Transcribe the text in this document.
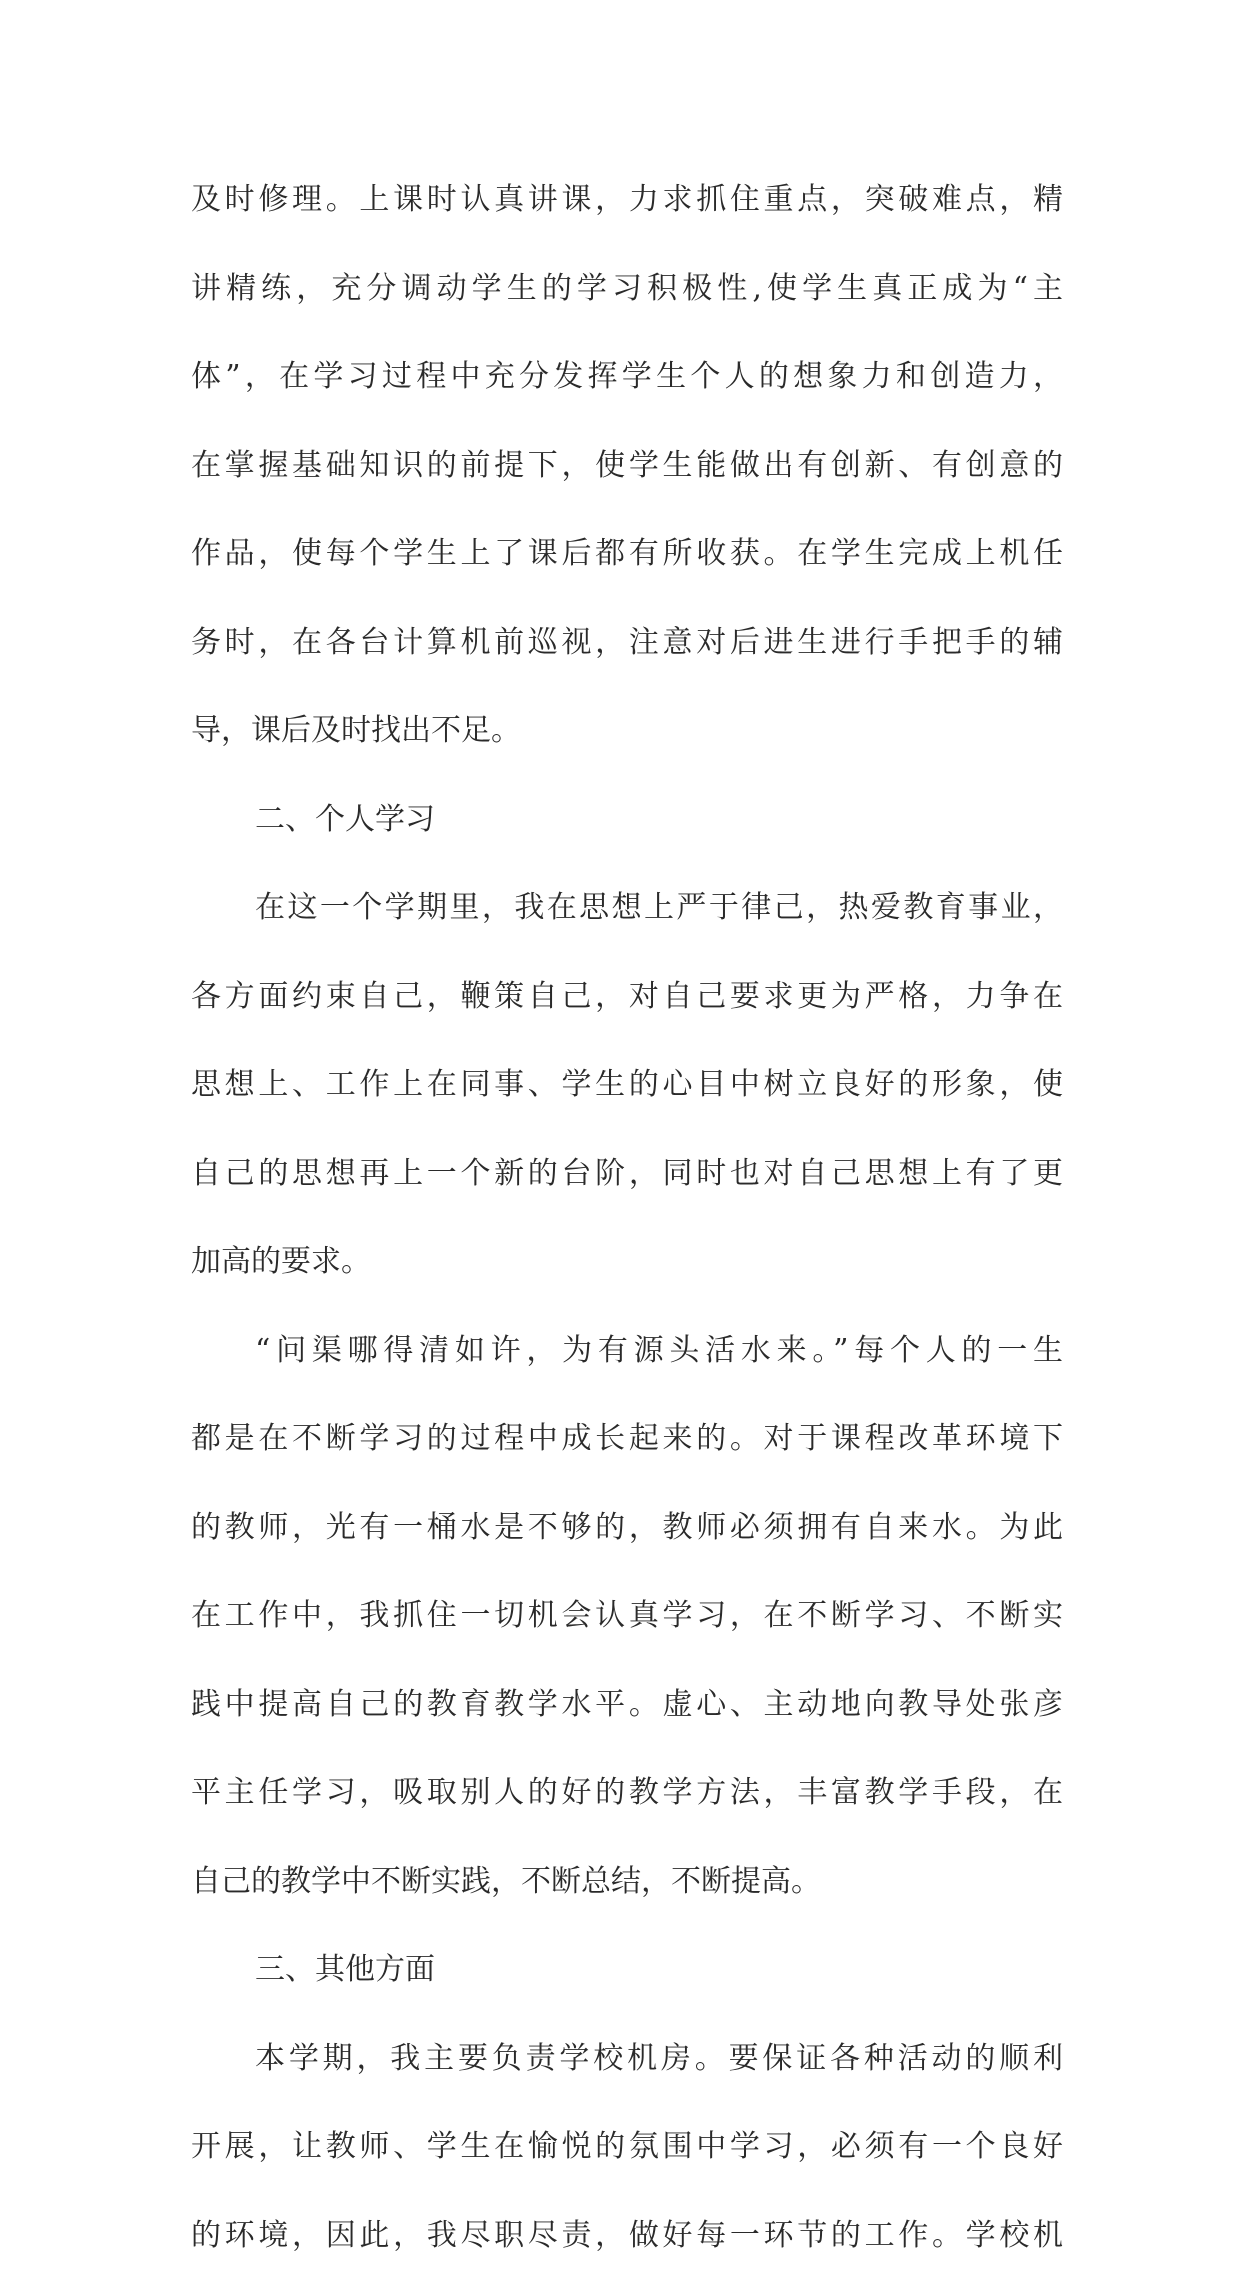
及时修理。上课时认真讲课，力求抓住重点，突破难点，精
讲精练，充分调动学生的学习积极性,使学生真正成为“主
体”，在学习过程中充分发挥学生个人的想象力和创造力，
在掌握基础知识的前提下，使学生能做出有创新、有创意的
作品，使每个学生上了课后都有所收获。在学生完成上机任
务时，在各台计算机前巡视，注意对后进生进行手把手的辅
导，课后及时找出不足。
二、个人学习
在这一个学期里，我在思想上严于律己，热爱教育事业，
各方面约束自己，鞭策自己，对自己要求更为严格，力争在
思想上、工作上在同事、学生的心目中树立良好的形象，使
自己的思想再上一个新的台阶，同时也对自己思想上有了更
加高的要求。
“问渠哪得清如许，为有源头活水来。”每个人的一生
都是在不断学习的过程中成长起来的。对于课程改革环境下
的教师，光有一桶水是不够的，教师必须拥有自来水。为此
在工作中，我抓住一切机会认真学习，在不断学习、不断实
践中提高自己的教育教学水平。虚心、主动地向教导处张彦
平主任学习，吸取别人的好的教学方法，丰富教学手段，在
自己的教学中不断实践，不断总结，不断提高。
三、其他方面
本学期，我主要负责学校机房。要保证各种活动的顺利
开展，让教师、学生在愉悦的氛围中学习，必须有一个良好
的环境，因此，我尽职尽责，做好每一环节的工作。学校机
